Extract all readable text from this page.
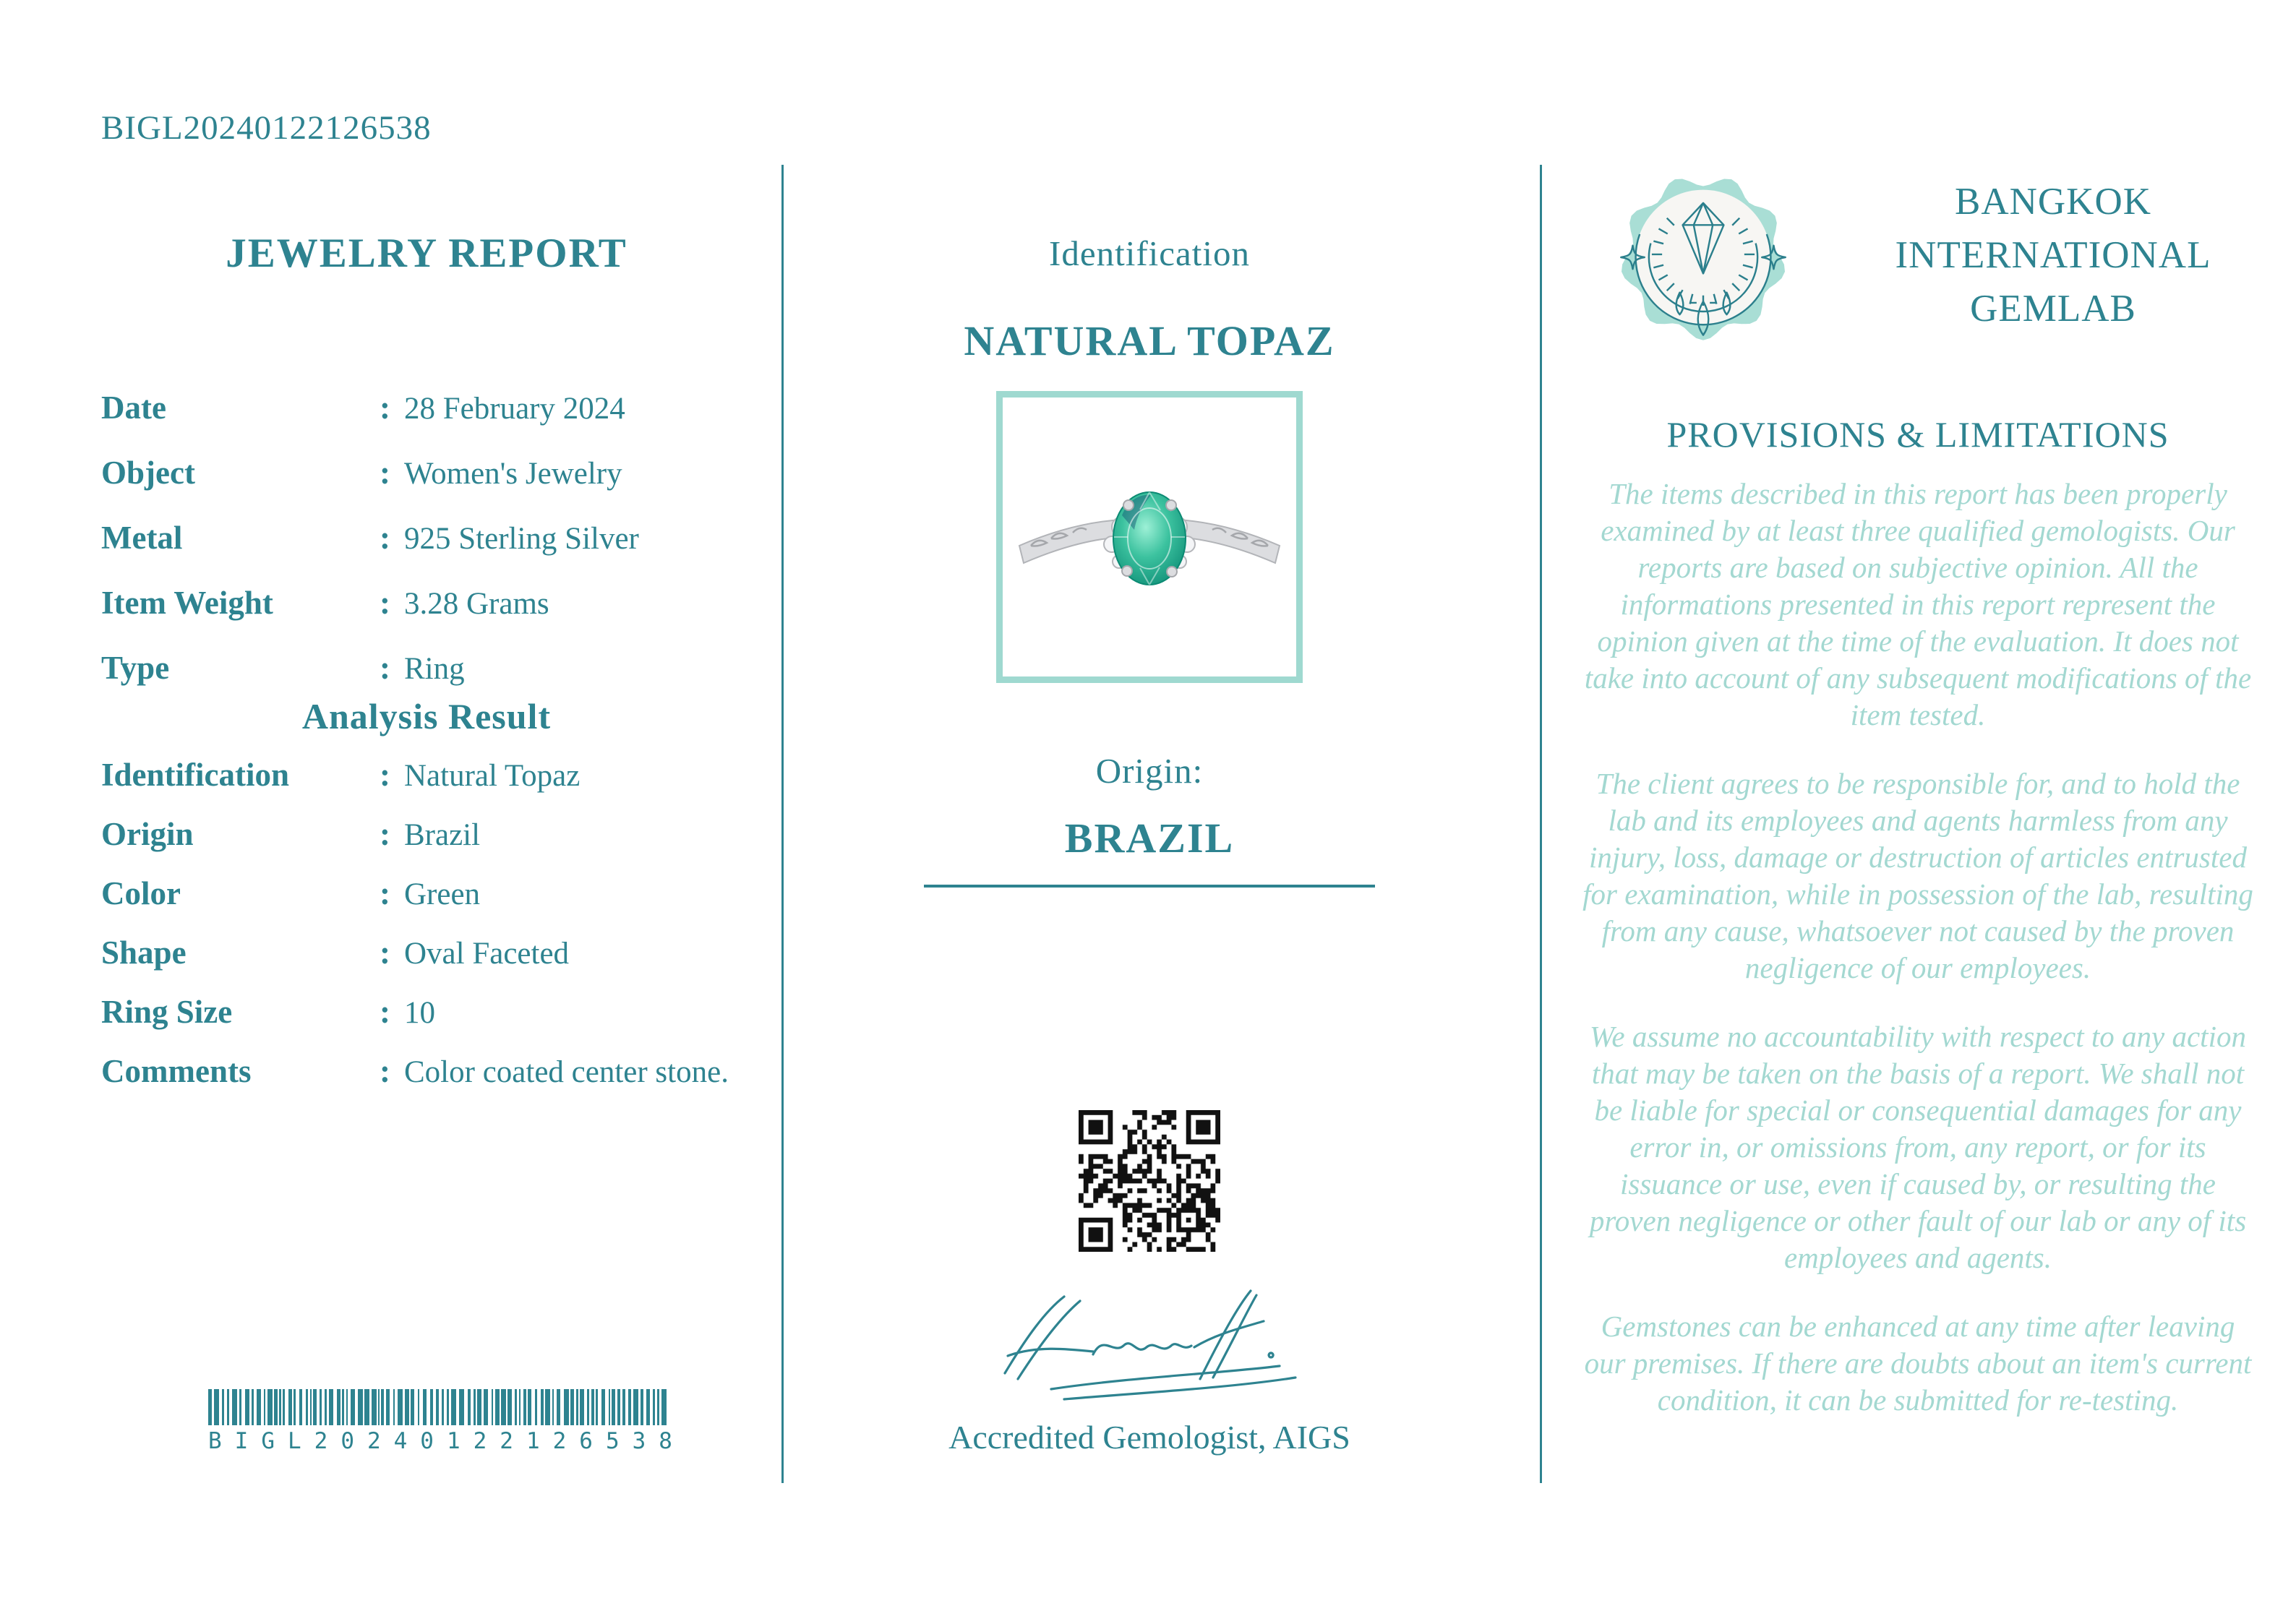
BIGL20240122126538
JEWELRY REPORT
Date	: 28 February 2024
Object	: Women's Jewelry
Metal	: 925 Sterling Silver
Item Weight	: 3.28 Grams
Type	: Ring
Analysis Result
Identification	: Natural Topaz
Origin	: Brazil
Color	: Green
Shape	: Oval Faceted
Ring Size	: 10
Comments	: Color coated center stone.
BIGL20240122126538
Identification
NATURAL TOPAZ
Origin:
BRAZIL
Accredited Gemologist, AIGS
BANGKOK
INTERNATIONAL
GEMLAB
PROVISIONS & LIMITATIONS

The items described in this report has been properly examined by at least three qualified gemologists. Our reports are based on subjective opinion. All the informations presented in this report represent the opinion given at the time of the evaluation. It does not take into account of any subsequent modifications of the item tested.

The client agrees to be responsible for, and to hold the lab and its employees and agents harmless from any injury, loss, damage or destruction of articles entrusted for examination, while in possession of the lab, resulting from any cause, whatsoever not caused by the proven negligence of our employees.

We assume no accountability with respect to any action that may be taken on the basis of a report. We shall not be liable for special or consequential damages for any error in, or omissions from, any report, or for its issuance or use, even if caused by, or resulting the proven negligence or other fault of our lab or any of its employees and agents.

Gemstones can be enhanced at any time after leaving our premises. If there are doubts about an item's current condition, it can be submitted for re-testing.
